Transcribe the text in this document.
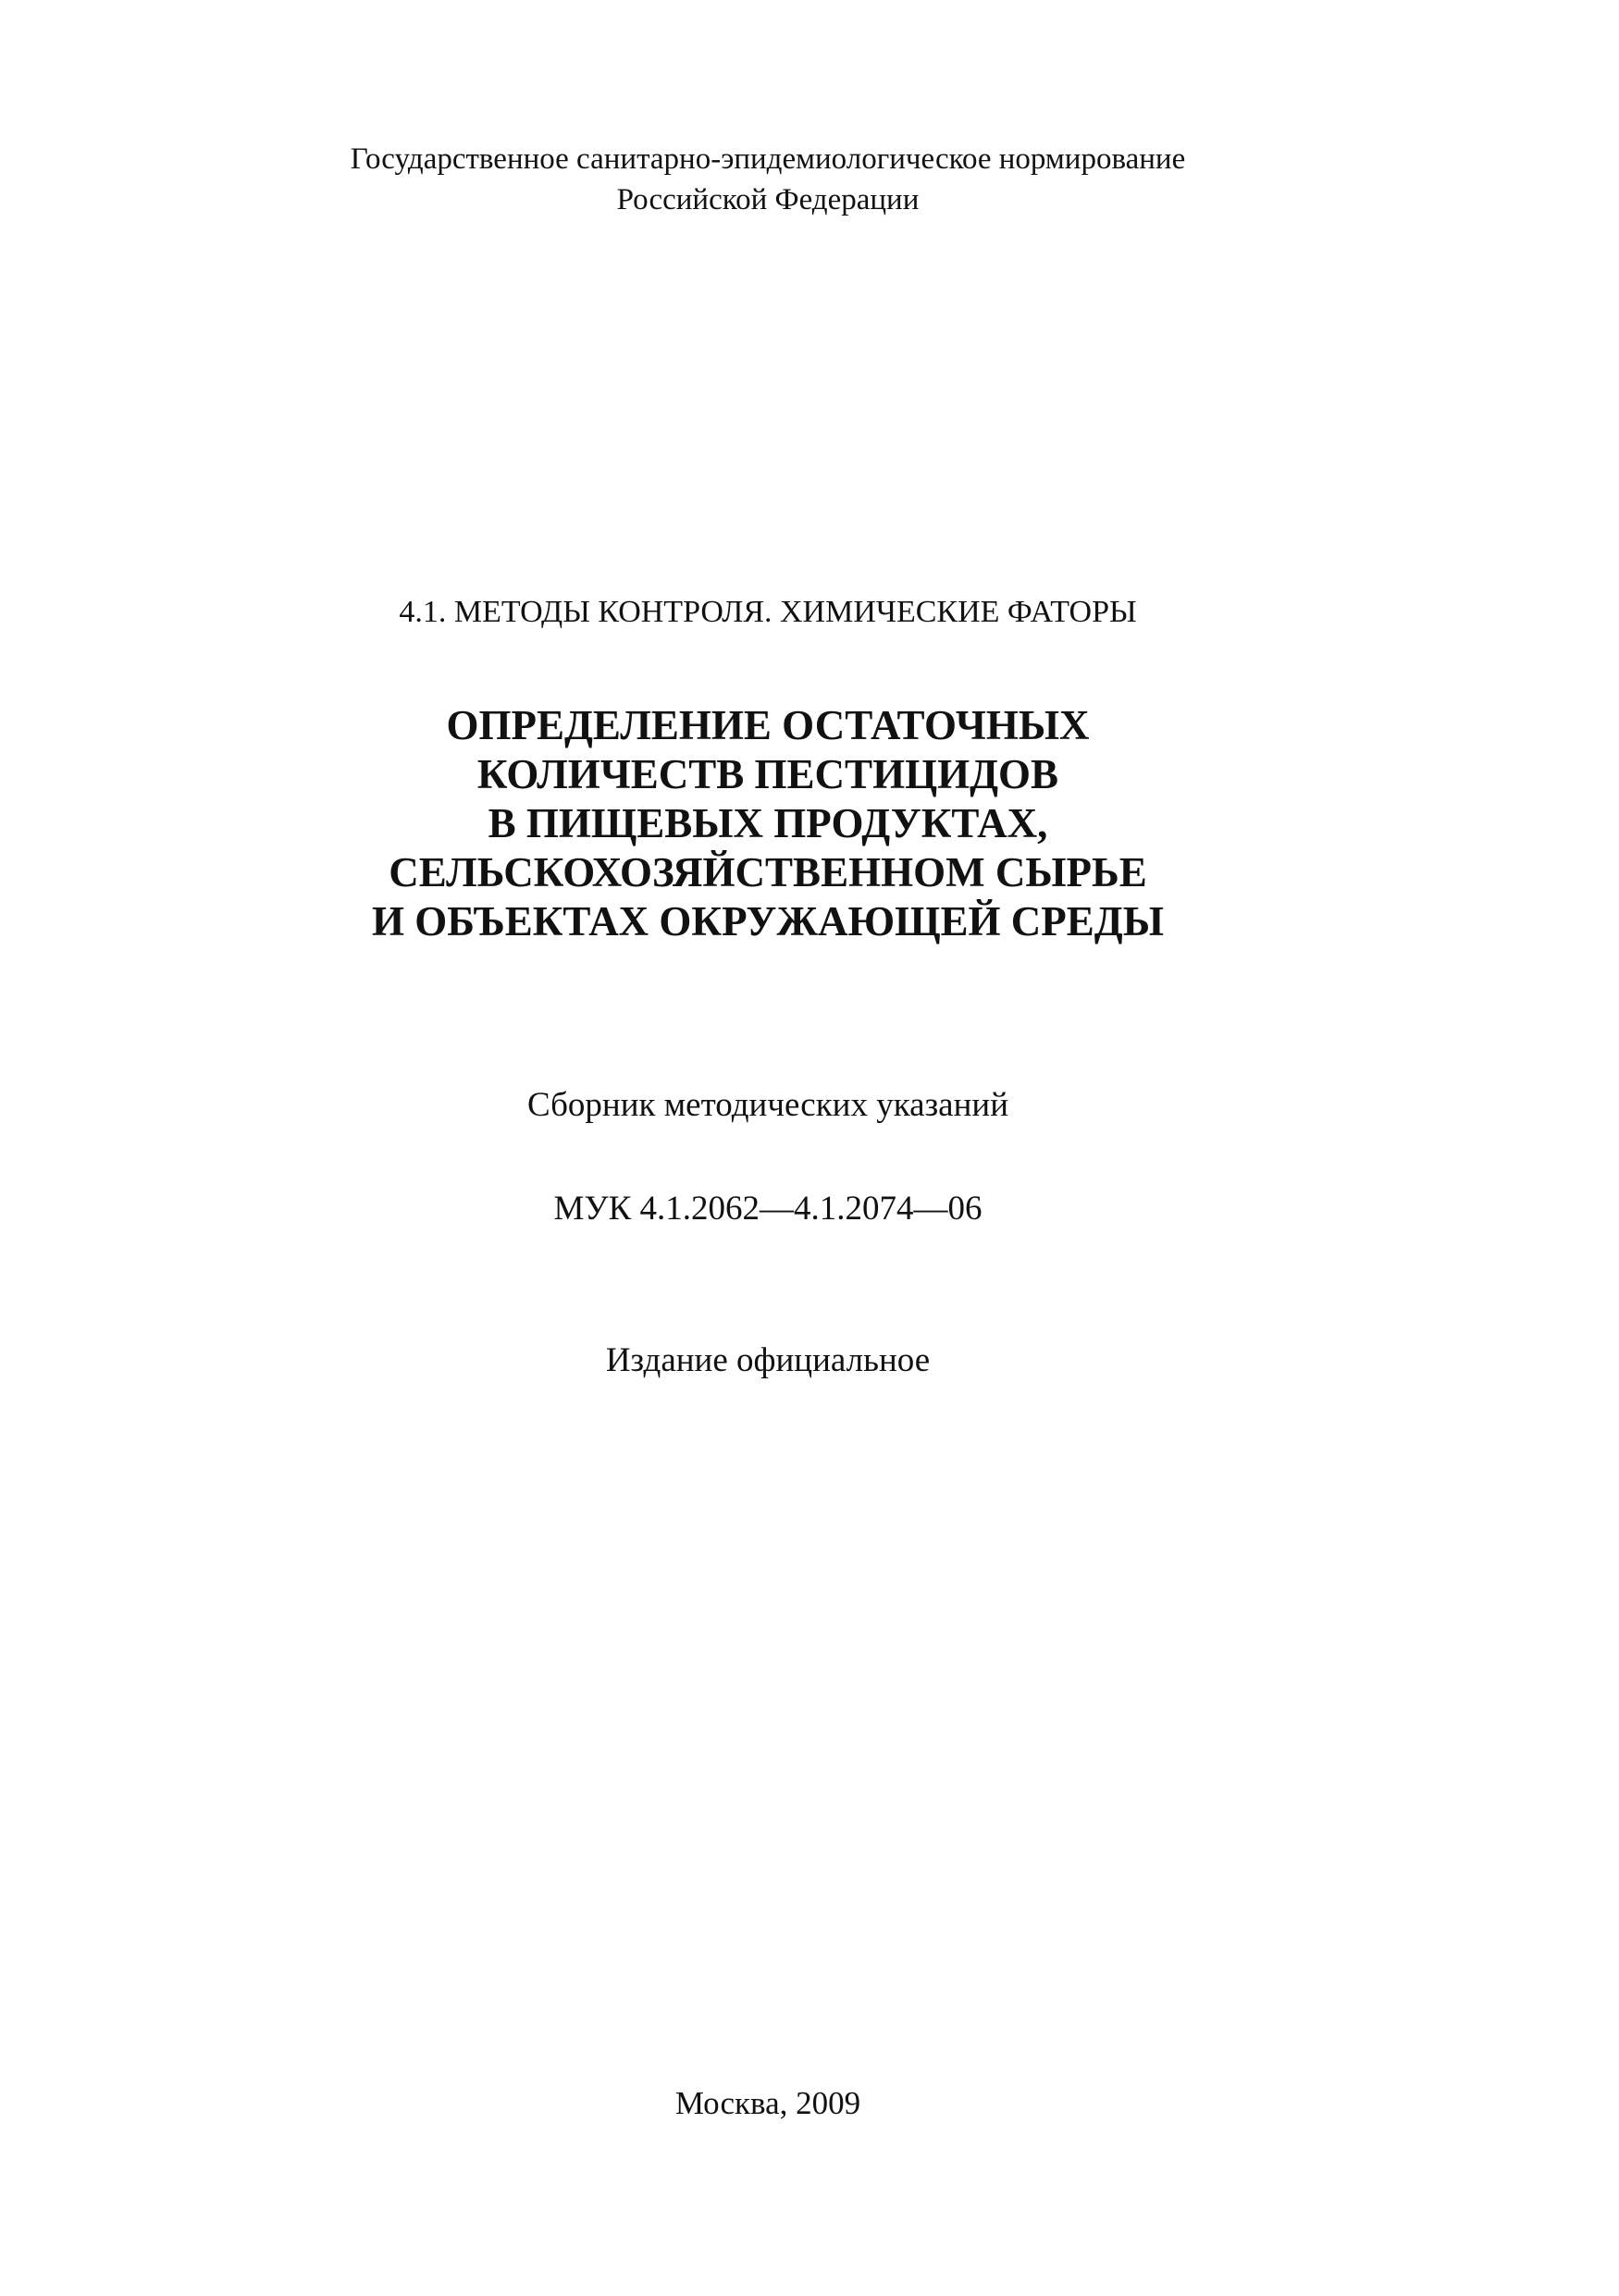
Государственное санитарно-эпидемиологическое нормирование
Российской Федерации
4.1. МЕТОДЫ КОНТРОЛЯ. ХИМИЧЕСКИЕ ФАТОРЫ
ОПРЕДЕЛЕНИЕ ОСТАТОЧНЫХ
КОЛИЧЕСТВ ПЕСТИЦИДОВ
В ПИЩЕВЫХ ПРОДУКТАХ,
СЕЛЬСКОХОЗЯЙСТВЕННОМ СЫРЬЕ
И ОБЪЕКТАХ ОКРУЖАЮЩЕЙ СРЕДЫ
Сборник методических указаний
МУК 4.1.2062—4.1.2074—06
Издание официальное
Москва, 2009
